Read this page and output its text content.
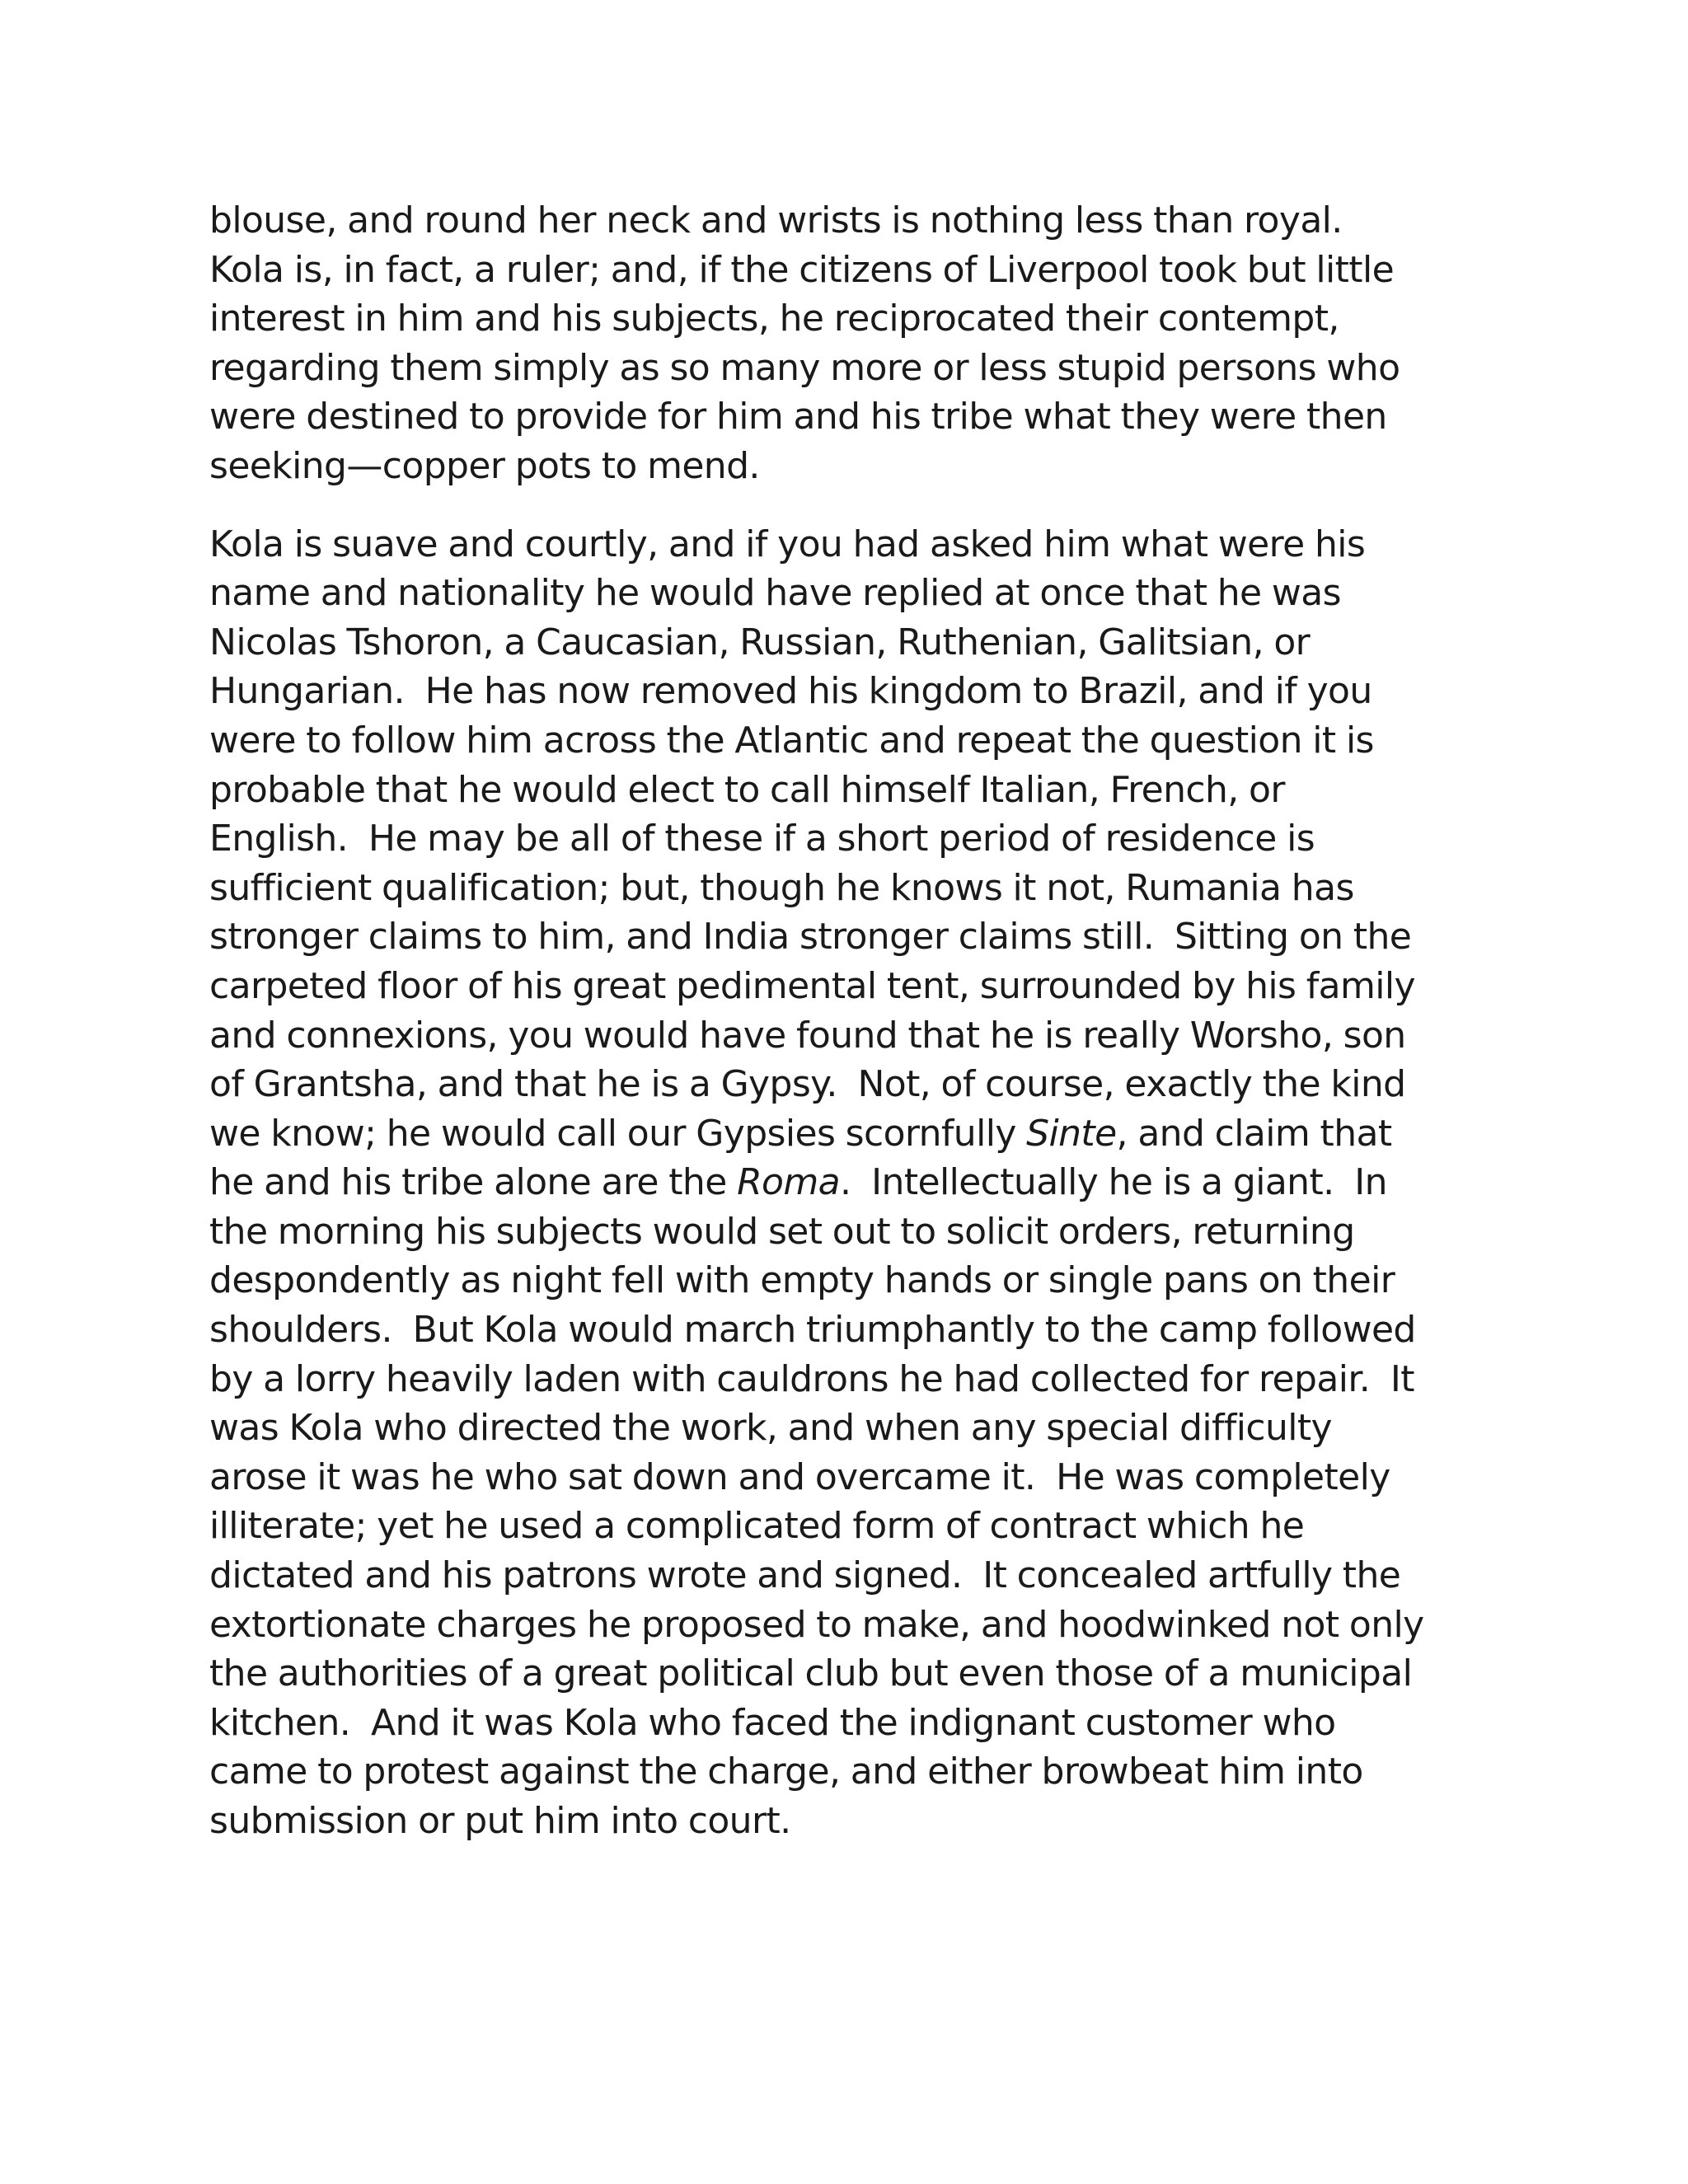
blouse, and round her neck and wrists is nothing less than royal.
Kola is, in fact, a ruler; and, if the citizens of Liverpool took but little
interest in him and his subjects, he reciprocated their contempt,
regarding them simply as so many more or less stupid persons who
were destined to provide for him and his tribe what they were then
seeking—copper pots to mend.
Kola is suave and courtly, and if you had asked him what were his
name and nationality he would have replied at once that he was
Nicolas Tshoron, a Caucasian, Russian, Ruthenian, Galitsian, or
Hungarian.  He has now removed his kingdom to Brazil, and if you
were to follow him across the Atlantic and repeat the question it is
probable that he would elect to call himself Italian, French, or
English.  He may be all of these if a short period of residence is
sufficient qualification; but, though he knows it not, Rumania has
stronger claims to him, and India stronger claims still.  Sitting on the
carpeted floor of his great pedimental tent, surrounded by his family
and connexions, you would have found that he is really Worsho, son
of Grantsha, and that he is a Gypsy.  Not, of course, exactly the kind
we know; he would call our Gypsies scornfully Sinte, and claim that
he and his tribe alone are the Roma.  Intellectually he is a giant.  In
the morning his subjects would set out to solicit orders, returning
despondently as night fell with empty hands or single pans on their
shoulders.  But Kola would march triumphantly to the camp followed
by a lorry heavily laden with cauldrons he had collected for repair.  It
was Kola who directed the work, and when any special difficulty
arose it was he who sat down and overcame it.  He was completely
illiterate; yet he used a complicated form of contract which he
dictated and his patrons wrote and signed.  It concealed artfully the
extortionate charges he proposed to make, and hoodwinked not only
the authorities of a great political club but even those of a municipal
kitchen.  And it was Kola who faced the indignant customer who
came to protest against the charge, and either browbeat him into
submission or put him into court.
